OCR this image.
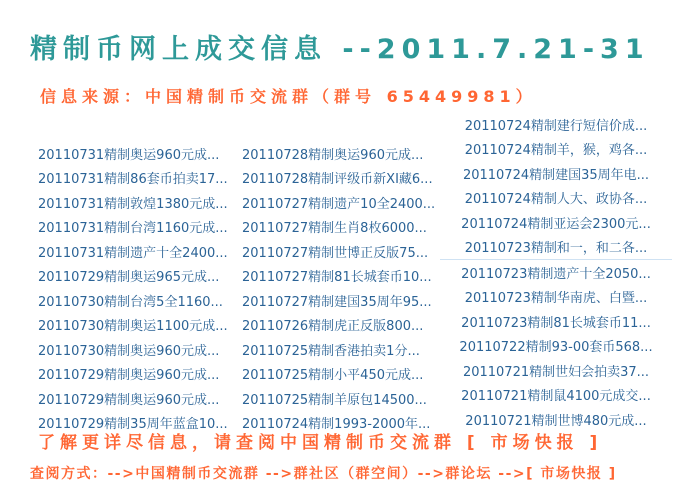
精制币网上成交信息 --2011.7.21-31
信息来源：中国精制币交流群（群号 65449981）
20110731精制奥运960元成...
20110731精制86套币拍卖17...
20110731精制敦煌1380元成...
20110731精制台湾1160元成...
20110731精制遗产十全2400...
20110729精制奥运965元成...
20110730精制台湾5全1160...
20110730精制奥运1100元成...
20110730精制奥运960元成...
20110729精制奥运960元成...
20110729精制奥运960元成...
20110729精制35周年蓝盒10...
20110728精制奥运960元成...
20110728精制评级币新XI藏6...
20110727精制遗产10全2400...
20110727精制生肖8枚6000...
20110727精制世博正反版75...
20110727精制81长城套币10...
20110727精制建国35周年95...
20110726精制虎正反版800...
20110725精制香港拍卖1分...
20110725精制小平450元成...
20110725精制羊原包14500...
20110724精制1993-2000年...
20110724精制建行短信价成...
20110724精制羊，猴，鸡各...
20110724精制建国35周年电...
20110724精制人大、政协各...
20110724精制亚运会2300元...
20110723精制和一，和二各...
20110723精制遗产十全2050...
20110723精制华南虎、白暨...
20110723精制81长城套币11...
20110722精制93-00套币568...
20110721精制世妇会拍卖37...
20110721精制鼠4100元成交...
20110721精制世博480元成...
了解更详尽信息，请查阅中国精制币交流群 [ 市场快报 ]
查阅方式：-->中国精制币交流群 -->群社区（群空间）-->群论坛 -->[ 市场快报 ]
